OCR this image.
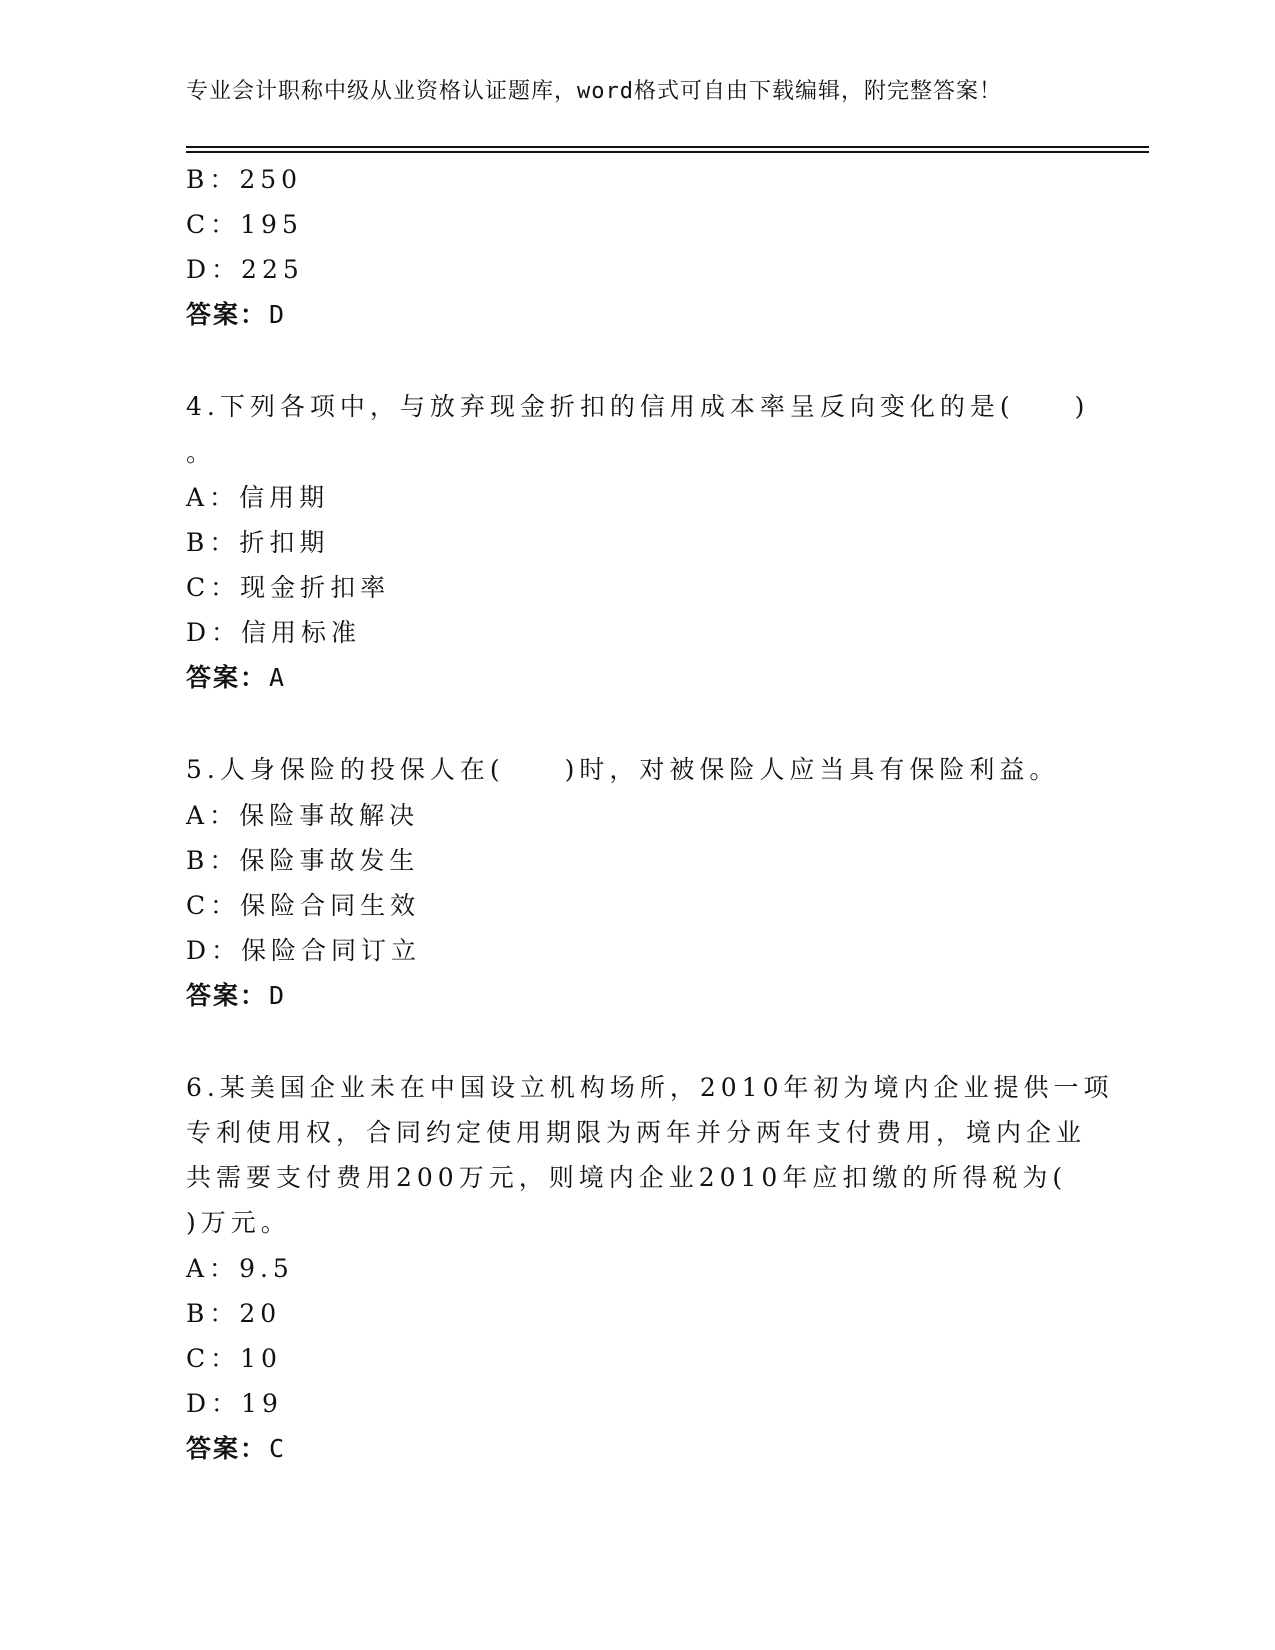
专业会计职称中级从业资格认证题库，word格式可自由下载编辑，附完整答案！
B：250
C：195
D：225
答案：D
4.下列各项中，与放弃现金折扣的信用成本率呈反向变化的是(　　)
。
A：信用期
B：折扣期
C：现金折扣率
D：信用标准
答案：A
5.人身保险的投保人在(　　)时，对被保险人应当具有保险利益。
A：保险事故解决
B：保险事故发生
C：保险合同生效
D：保险合同订立
答案：D
6.某美国企业未在中国设立机构场所，2010年初为境内企业提供一项
专利使用权，合同约定使用期限为两年并分两年支付费用，境内企业
共需要支付费用200万元，则境内企业2010年应扣缴的所得税为(
)万元。
A：9.5
B：20
C：10
D：19
答案：C
